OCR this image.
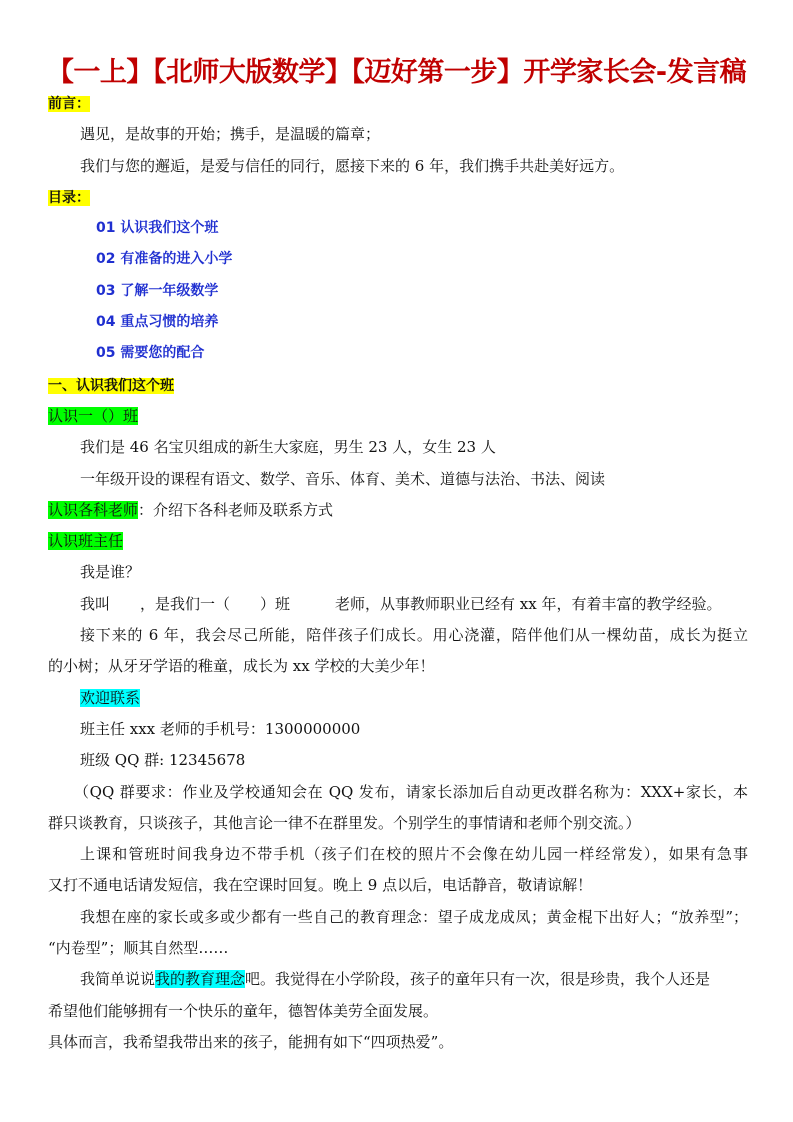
【一上】【北师大版数学】【迈好第一步】开学家长会-发言稿
前言：
遇见，是故事的开始；携手，是温暖的篇章；
我们与您的邂逅，是爱与信任的同行，愿接下来的 6 年，我们携手共赴美好远方。
目录：
01 认识我们这个班
02 有准备的进入小学
03 了解一年级数学
04 重点习惯的培养
05 需要您的配合
一、认识我们这个班
认识一（）班
我们是 46 名宝贝组成的新生大家庭，男生 23 人，女生 23 人
一年级开设的课程有语文、数学、音乐、体育、美术、道德与法治、书法、阅读
认识各科老师：介绍下各科老师及联系方式
认识班主任
我是谁？
我叫　　，是我们一（　　）班　　　老师，从事教师职业已经有 xx 年，有着丰富的教学经验。
接下来的 6 年，我会尽己所能，陪伴孩子们成长。用心浇灌，陪伴他们从一棵幼苗，成长为挺立
的小树；从牙牙学语的稚童，成长为 xx 学校的大美少年！
欢迎联系
班主任 xxx 老师的手机号：1300000000
班级 QQ 群: 12345678
（QQ 群要求：作业及学校通知会在 QQ 发布，请家长添加后自动更改群名称为：XXX+家长，本
群只谈教育，只谈孩子，其他言论一律不在群里发。个别学生的事情请和老师个别交流。）
上课和管班时间我身边不带手机（孩子们在校的照片不会像在幼儿园一样经常发），如果有急事
又打不通电话请发短信，我在空课时回复。晚上 9 点以后，电话静音，敬请谅解！
我想在座的家长或多或少都有一些自己的教育理念：望子成龙成凤；黄金棍下出好人；“放养型”；
“内卷型”；顺其自然型……
我简单说说我的教育理念吧。我觉得在小学阶段，孩子的童年只有一次，很是珍贵，我个人还是
希望他们能够拥有一个快乐的童年，德智体美劳全面发展。
具体而言，我希望我带出来的孩子，能拥有如下“四项热爱”。
